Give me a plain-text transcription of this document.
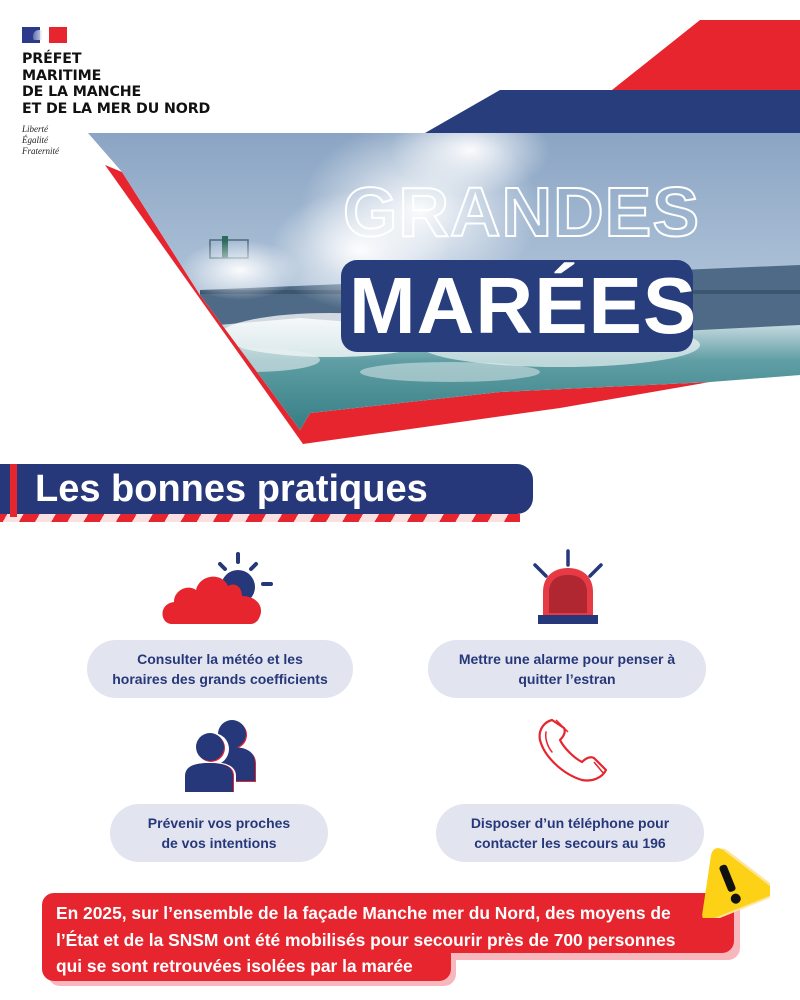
PRÉFET
MARITIME
DE LA MANCHE
ET DE LA MER DU NORD
Liberté
Égalité
Fraternité
GRANDES
MARÉES
Les bonnes pratiques
Consulter la météo et les
horaires des grands coefficients
Mettre une alarme pour penser à
quitter l’estran
Prévenir vos proches
de vos intentions
Disposer d’un téléphone pour
contacter les secours au 196
En 2025, sur l’ensemble de la façade Manche mer du Nord, des moyens de
l’État et de la SNSM ont été mobilisés pour secourir près de 700 personnes
qui se sont retrouvées isolées par la marée
